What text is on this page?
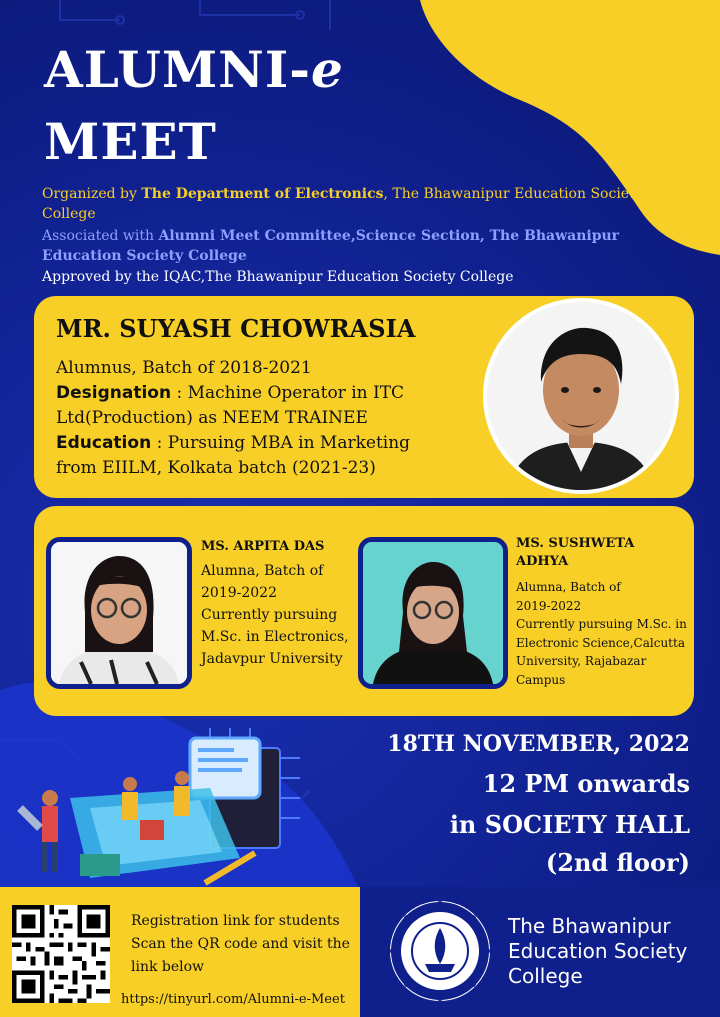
ALUMNI-e
MEET
Organized by The Department of Electronics, The Bhawanipur Education Society College
Associated with Alumni Meet Committee,Science Section, The Bhawanipur Education Society College
Approved by the IQAC,The Bhawanipur Education Society College
MR. SUYASH CHOWRASIA
Alumnus, Batch of 2018-2021
Designation : Machine Operator in ITC Ltd(Production) as NEEM TRAINEE
Education : Pursuing MBA in Marketing from EIILM, Kolkata batch (2021-23)
MS. ARPITA DAS
Alumna, Batch of
2019-2022
Currently pursuing
M.Sc. in Electronics,
Jadavpur University
MS. SUSHWETA
ADHYA
Alumna, Batch of
2019-2022
Currently pursuing M.Sc. in
Electronic Science,Calcutta
University, Rajabazar
Campus
18TH NOVEMBER, 2022
12 PM onwards
in SOCIETY HALL
(2nd floor)
Registration link for students
Scan the QR code and visit the
link below
https://tinyurl.com/Alumni-e-Meet
The Bhawanipur
Education Society
College
